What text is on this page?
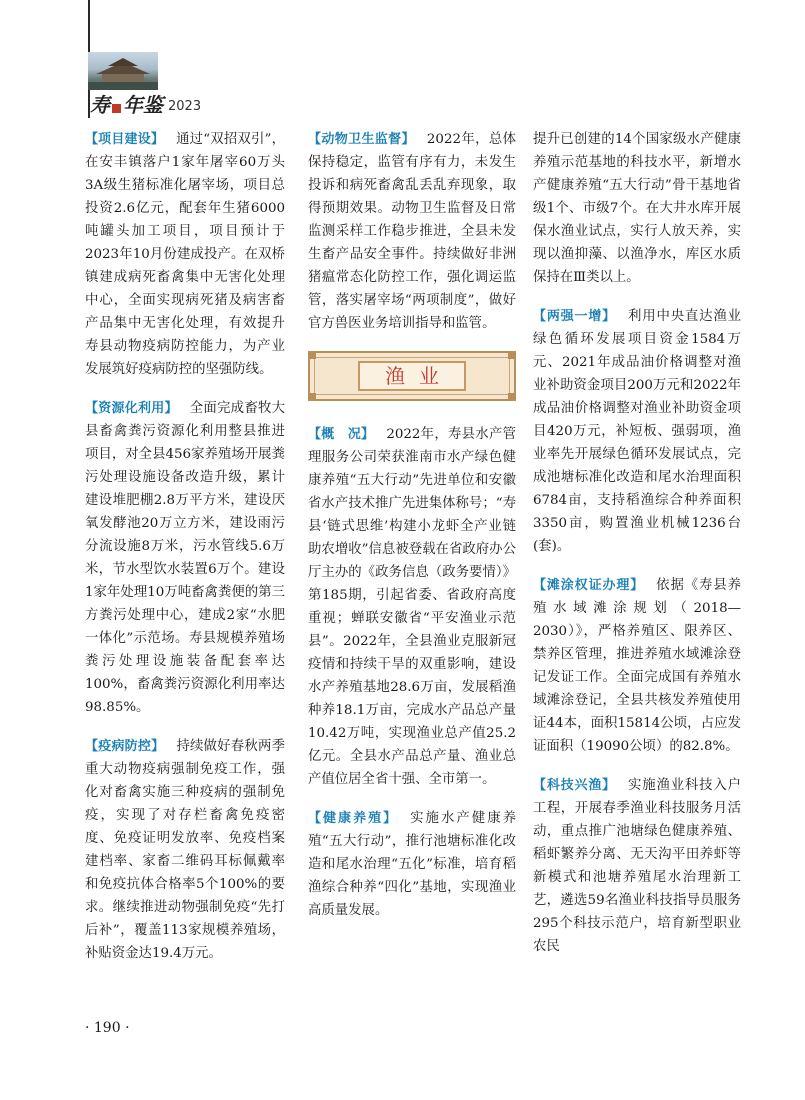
寿 年鉴 2023

【项目建设】 通过“双招双引”，在安丰镇落户1家年屠宰60万头3A级生猪标准化屠宰场，项目总投资2.6亿元，配套年生猪6000吨罐头加工项目，项目预计于2023年10月份建成投产。在双桥镇建成病死畜禽集中无害化处理中心，全面实现病死猪及病害畜产品集中无害化处理，有效提升寿县动物疫病防控能力，为产业发展筑好疫病防控的坚强防线。

【资源化利用】 全面完成畜牧大县畜禽粪污资源化利用整县推进项目，对全县456家养殖场开展粪污处理设施设备改造升级，累计建设堆肥棚2.8万平方米，建设厌氧发酵池20万立方米，建设雨污分流设施8万米，污水管线5.6万米，节水型饮水装置6万个。建设1家年处理10万吨畜禽粪便的第三方粪污处理中心，建成2家“水肥一体化”示范场。寿县规模养殖场粪污处理设施装备配套率达100%，畜禽粪污资源化利用率达98.85%。

【疫病防控】 持续做好春秋两季重大动物疫病强制免疫工作，强化对畜禽实施三种疫病的强制免疫，实现了对存栏畜禽免疫密度、免疫证明发放率、免疫档案建档率、家畜二维码耳标佩戴率和免疫抗体合格率5个100%的要求。继续推进动物强制免疫“先打后补”，覆盖113家规模养殖场，补贴资金达19.4万元。

【动物卫生监督】 2022年，总体保持稳定，监管有序有力，未发生投诉和病死畜禽乱丢乱弃现象，取得预期效果。动物卫生监督及日常监测采样工作稳步推进，全县未发生畜产品安全事件。持续做好非洲猪瘟常态化防控工作，强化调运监管，落实屠宰场“两项制度”，做好官方兽医业务培训指导和监管。

渔业

【概　况】 2022年，寿县水产管理服务公司荣获淮南市水产绿色健康养殖“五大行动”先进单位和安徽省水产技术推广先进集体称号；“寿县‘链式思维’构建小龙虾全产业链助农增收”信息被登载在省政府办公厅主办的《政务信息（政务要情）》第185期，引起省委、省政府高度重视；蝉联安徽省“平安渔业示范县”。2022年，全县渔业克服新冠疫情和持续干旱的双重影响，建设水产养殖基地28.6万亩，发展稻渔种养18.1万亩，完成水产品总产量10.42万吨，实现渔业总产值25.2亿元。全县水产品总产量、渔业总产值位居全省十强、全市第一。

【健康养殖】 实施水产健康养殖“五大行动”，推行池塘标准化改造和尾水治理“五化”标准，培育稻渔综合种养“四化”基地，实现渔业高质量发展。

提升已创建的14个国家级水产健康养殖示范基地的科技水平，新增水产健康养殖“五大行动”骨干基地省级1个、市级7个。在大井水库开展保水渔业试点，实行人放天养，实现以渔抑藻、以渔净水，库区水质保持在Ⅲ类以上。

【两强一增】 利用中央直达渔业绿色循环发展项目资金1584万元、2021年成品油价格调整对渔业补助资金项目200万元和2022年成品油价格调整对渔业补助资金项目420万元，补短板、强弱项，渔业率先开展绿色循环发展试点，完成池塘标准化改造和尾水治理面积6784亩，支持稻渔综合种养面积3350亩，购置渔业机械1236台(套)。

【滩涂权证办理】 依据《寿县养殖水域滩涂规划（2018—2030）》，严格养殖区、限养区、禁养区管理，推进养殖水域滩涂登记发证工作。全面完成国有养殖水域滩涂登记，全县共核发养殖使用证44本，面积15814公顷，占应发证面积（19090公顷）的82.8%。

【科技兴渔】 实施渔业科技入户工程，开展春季渔业科技服务月活动，重点推广池塘绿色健康养殖、稻虾繁养分离、无天沟平田养虾等新模式和池塘养殖尾水治理新工艺，遴选59名渔业科技指导员服务295个科技示范户，培育新型职业农民

· 190 ·
